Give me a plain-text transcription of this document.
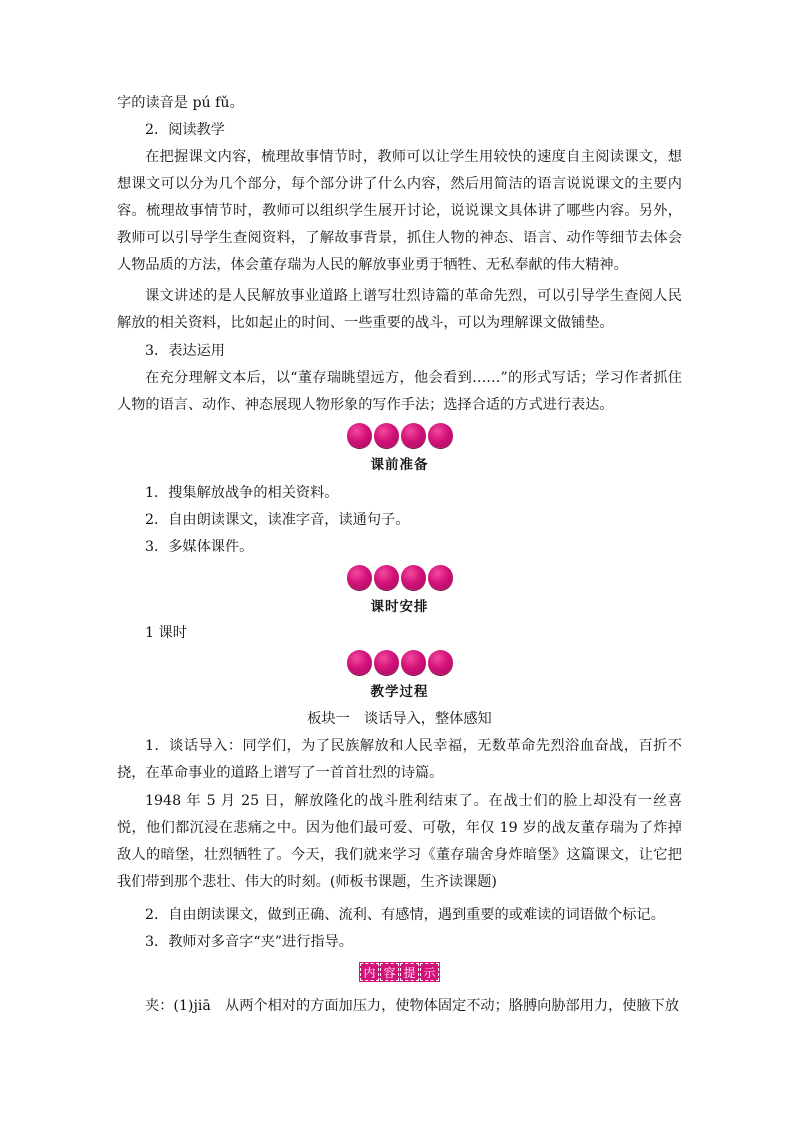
字的读音是 pú fǔ。

2．阅读教学

在把握课文内容，梳理故事情节时，教师可以让学生用较快的速度自主阅读课文，想想课文可以分为几个部分，每个部分讲了什么内容，然后用简洁的语言说说课文的主要内容。梳理故事情节时，教师可以组织学生展开讨论，说说课文具体讲了哪些内容。另外，教师可以引导学生查阅资料，了解故事背景，抓住人物的神态、语言、动作等细节去体会人物品质的方法，体会董存瑞为人民的解放事业勇于牺牲、无私奉献的伟大精神。

课文讲述的是人民解放事业道路上谱写壮烈诗篇的革命先烈，可以引导学生查阅人民解放的相关资料，比如起止的时间、一些重要的战斗，可以为理解课文做铺垫。

3．表达运用

在充分理解文本后，以“董存瑞眺望远方，他会看到……”的形式写话；学习作者抓住人物的语言、动作、神态展现人物形象的写作手法；选择合适的方式进行表达。

课前准备

1．搜集解放战争的相关资料。

2．自由朗读课文，读准字音，读通句子。

3．多媒体课件。

课时安排

1 课时

教学过程

板块一　谈话导入，整体感知

1．谈话导入：同学们，为了民族解放和人民幸福，无数革命先烈浴血奋战，百折不挠，在革命事业的道路上谱写了一首首壮烈的诗篇。

1948 年 5 月 25 日，解放隆化的战斗胜利结束了。在战士们的脸上却没有一丝喜悦，他们都沉浸在悲痛之中。因为他们最可爱、可敬，年仅 19 岁的战友董存瑞为了炸掉敌人的暗堡，壮烈牺牲了。今天，我们就来学习《董存瑞舍身炸暗堡》这篇课文，让它把我们带到那个悲壮、伟大的时刻。(师板书课题，生齐读课题)

2．自由朗读课文，做到正确、流利、有感情，遇到重要的或难读的词语做个标记。

3．教师对多音字“夹”进行指导。

内 容 提 示

夹：(1)jiā　从两个相对的方面加压力，使物体固定不动；胳膊向胁部用力，使腋下放
